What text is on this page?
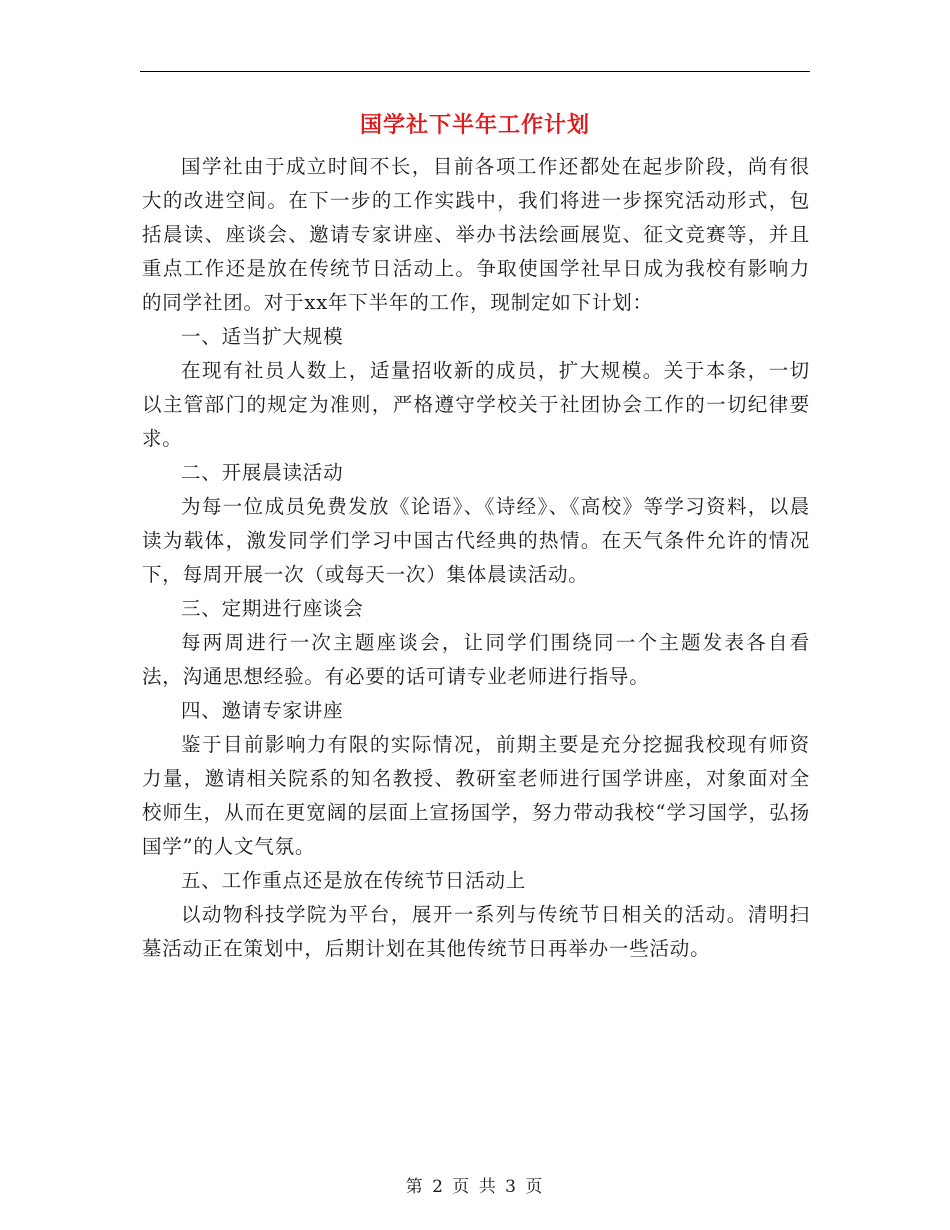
国学社下半年工作计划

国学社由于成立时间不长，目前各项工作还都处在起步阶段，尚有很大的改进空间。在下一步的工作实践中，我们将进一步探究活动形式，包括晨读、座谈会、邀请专家讲座、举办书法绘画展览、征文竞赛等，并且重点工作还是放在传统节日活动上。争取使国学社早日成为我校有影响力的同学社团。对于xx年下半年的工作，现制定如下计划：

一、适当扩大规模

在现有社员人数上，适量招收新的成员，扩大规模。关于本条，一切以主管部门的规定为准则，严格遵守学校关于社团协会工作的一切纪律要求。

二、开展晨读活动

为每一位成员免费发放《论语》、《诗经》、《高校》等学习资料，以晨读为载体，激发同学们学习中国古代经典的热情。在天气条件允许的情况下，每周开展一次（或每天一次）集体晨读活动。

三、定期进行座谈会

每两周进行一次主题座谈会，让同学们围绕同一个主题发表各自看法，沟通思想经验。有必要的话可请专业老师进行指导。

四、邀请专家讲座

鉴于目前影响力有限的实际情况，前期主要是充分挖掘我校现有师资力量，邀请相关院系的知名教授、教研室老师进行国学讲座，对象面对全校师生，从而在更宽阔的层面上宣扬国学，努力带动我校“学习国学，弘扬国学”的人文气氛。

五、工作重点还是放在传统节日活动上

以动物科技学院为平台，展开一系列与传统节日相关的活动。清明扫墓活动正在策划中，后期计划在其他传统节日再举办一些活动。

第 2 页 共 3 页
